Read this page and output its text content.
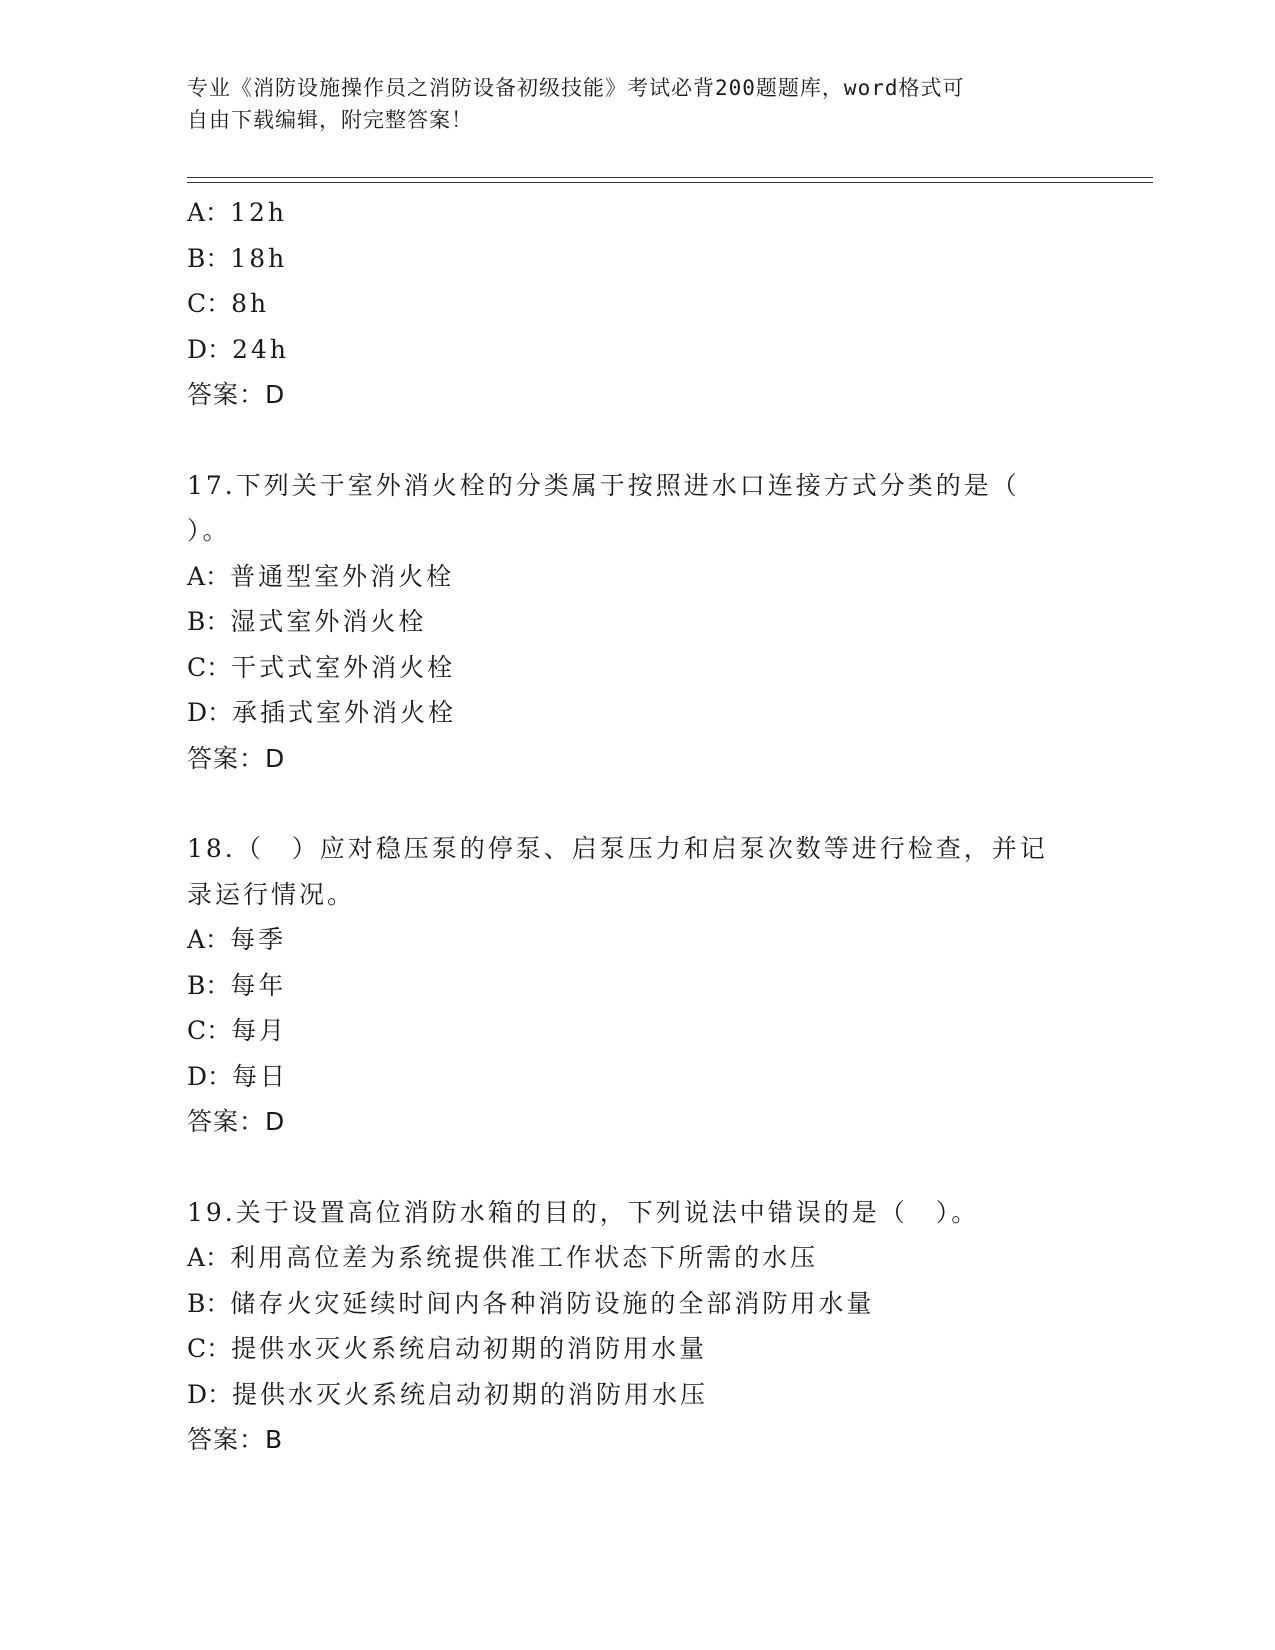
专业《消防设施操作员之消防设备初级技能》考试必背200题题库，word格式可
自由下载编辑，附完整答案！
A：12h
B：18h
C：8h
D：24h
答案：D
17.下列关于室外消火栓的分类属于按照进水口连接方式分类的是（ ）。
A：普通型室外消火栓
B：湿式室外消火栓
C：干式式室外消火栓
D：承插式室外消火栓
答案：D
18.（　）应对稳压泵的停泵、启泵压力和启泵次数等进行检查，并记录运行情况。
A：每季
B：每年
C：每月
D：每日
答案：D
19.关于设置高位消防水箱的目的，下列说法中错误的是（　）。
A：利用高位差为系统提供准工作状态下所需的水压
B：储存火灾延续时间内各种消防设施的全部消防用水量
C：提供水灭火系统启动初期的消防用水量
D：提供水灭火系统启动初期的消防用水压
答案：B
